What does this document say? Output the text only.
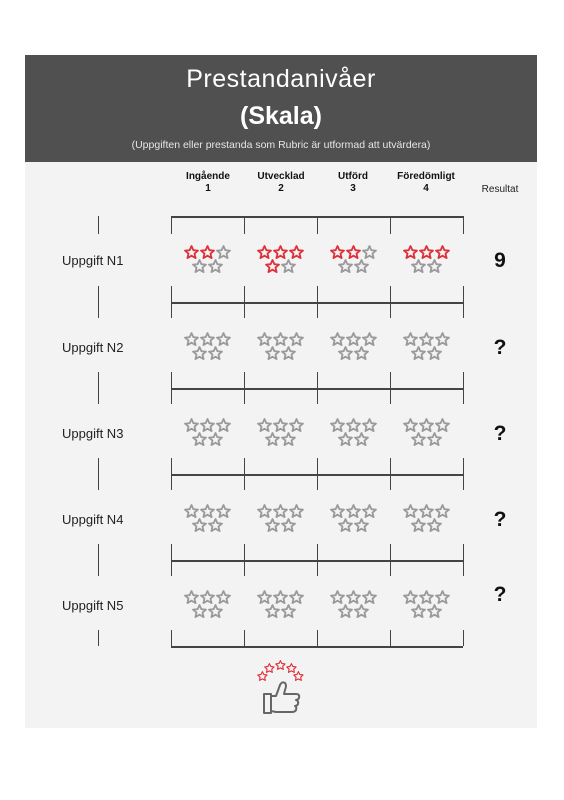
Prestandanivåer
(Skala)
(Uppgiften eller prestanda som Rubric är utformad att utvärdera)
Ingående
1
Utvecklad
2
Utförd
3
Föredömligt
4	Resultat
Uppgift N1
Uppgift N2
Uppgift N3
Uppgift N4
Uppgift N5
9
?
?
?
?
